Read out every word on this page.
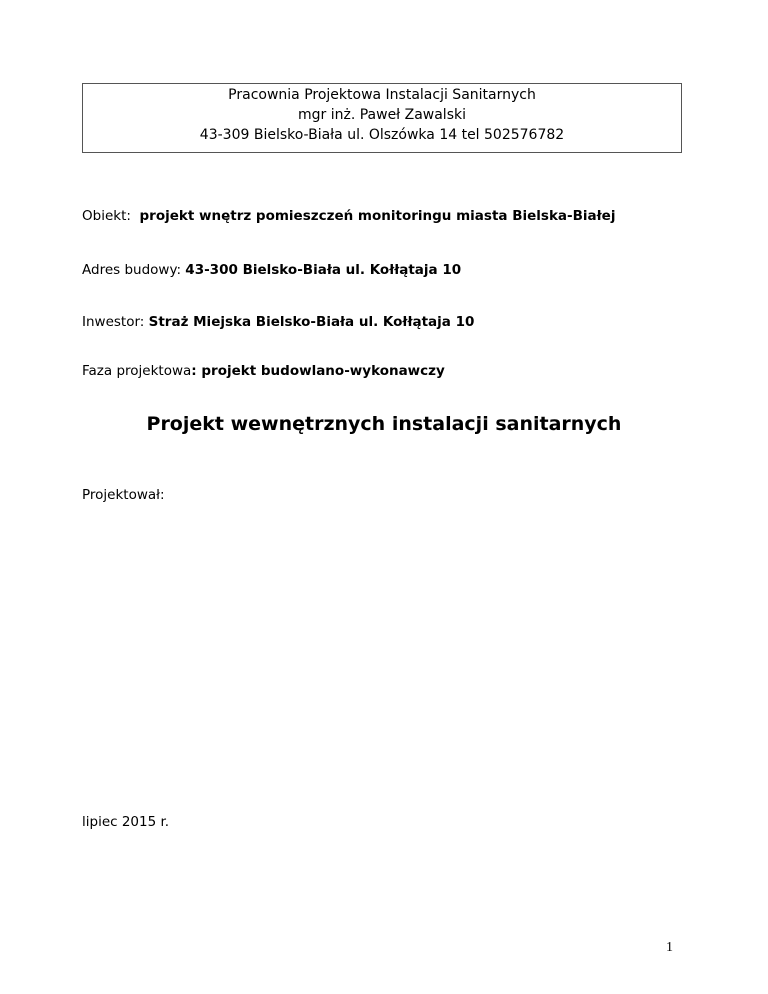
Pracownia Projektowa Instalacji Sanitarnych
mgr inż. Paweł Zawalski
43-309 Bielsko-Biała ul. Olszówka 14 tel 502576782
Obiekt:  projekt wnętrz pomieszczeń monitoringu miasta Bielska-Białej
Adres budowy: 43-300 Bielsko-Biała ul. Kołłątaja 10
Inwestor: Straż Miejska Bielsko-Biała ul. Kołłątaja 10
Faza projektowa: projekt budowlano-wykonawczy
Projekt wewnętrznych instalacji sanitarnych
Projektował:
lipiec 2015 r.
1
